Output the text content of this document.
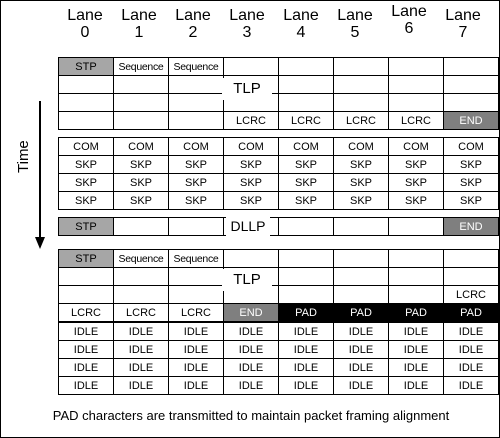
Lane
0
Lane
1
Lane
2
Lane
3
Lane
4
Lane
5
Lane
6
Lane
7
STP	Sequence	Sequence					

			LCRC	LCRC	LCRC	LCRC	END
TLP
COM	COM	COM	COM	COM	COM	COM	COM
SKP	SKP	SKP	SKP	SKP	SKP	SKP	SKP
SKP	SKP	SKP	SKP	SKP	SKP	SKP	SKP
SKP	SKP	SKP	SKP	SKP	SKP	SKP	SKP
STP							END
DLLP
STP	Sequence	Sequence					

							LCRC
LCRC	LCRC	LCRC	END	PAD	PAD	PAD	PAD
TLP
IDLE	IDLE	IDLE	IDLE	IDLE	IDLE	IDLE	IDLE
IDLE	IDLE	IDLE	IDLE	IDLE	IDLE	IDLE	IDLE
IDLE	IDLE	IDLE	IDLE	IDLE	IDLE	IDLE	IDLE
IDLE	IDLE	IDLE	IDLE	IDLE	IDLE	IDLE	IDLE
Time
PAD characters are transmitted to maintain packet framing alignment
